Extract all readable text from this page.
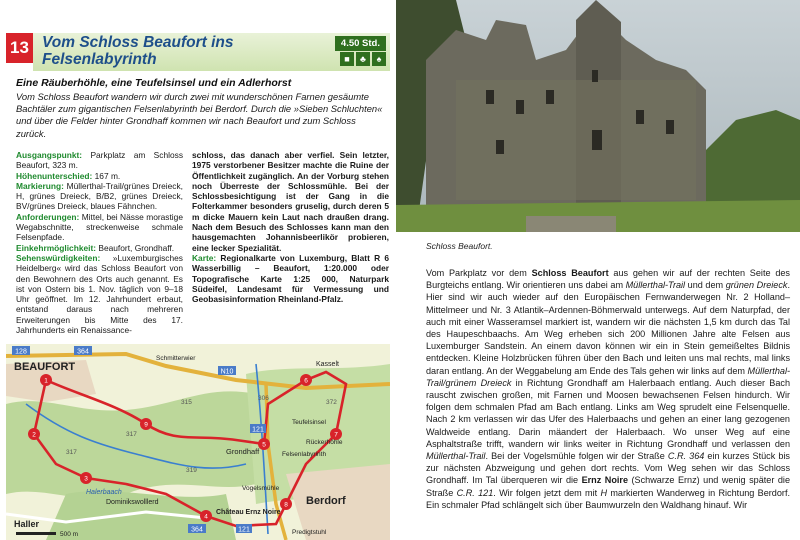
13 Vom Schloss Beaufort ins Felsenlabyrinth
4.50 Std.
■	♣	♠
Eine Räuberhöhle, eine Teufelsinsel und ein Adlerhorst
Vom Schloss Beaufort wandern wir durch zwei mit wunderschönen Farnen gesäumte Bachtäler zum gigantischen Felsenlabyrinth bei Berdorf. Durch die »Sieben Schluchten« und über die Felder hinter Grondhaff kommen wir nach Beaufort und zum Schloss zurück.
Ausgangspunkt: Parkplatz am Schloss Beaufort, 323 m.
Höhenunterschied: 167 m.
Markierung: Müllerthal-Trail/grünes Dreieck, H, grünes Dreieck, B/B2, grünes Dreieck, BV/grünes Dreieck, blaues Fähnchen.
Anforderungen: Mittel, bei Nässe morastige Wegabschnitte, streckenweise schmale Felsenpfade.
Einkehrmöglichkeit: Beaufort, Grondhaff.
Sehenswürdigkeiten: »Luxemburgisches Heidelberg« wird das Schloss Beaufort von den Bewohnern des Orts auch genannt. Es ist von Ostern bis 1. Nov. täglich von 9–18 Uhr geöffnet. Im 12. Jahrhundert erbaut, entstand daraus nach mehreren Erweiterungen bis Mitte des 17. Jahrhunderts ein Renaissance-
schloss, das danach aber verfiel. Sein letzter, 1975 verstorbener Besitzer machte die Ruine der Öffentlichkeit zugänglich. An der Vorburg stehen noch Überreste der Schlossmühle. Bei der Schlossbesichtigung ist der Gang in die Folterkammer besonders gruselig, durch deren 5 m dicke Mauern kein Laut nach draußen drang. Nach dem Besuch des Schlosses kann man den hausgemachten Johannisbeerlikör probieren, eine lecker Spezialität.
Karte: Regionalkarte von Luxemburg, Blatt R 6 Wasserbillig – Beaufort, 1:20.000 oder Topografische Karte 1:25 000, Naturpark Südeifel, Landesamt für Vermessung und Geobasisinformation Rheinland-Pfalz.
364
128
121
N10
364	121
1
2
3
4
5
6
7
8
9
BEAUFORT
Berdorf
Haller
Grondhaff
Château Ernz Noire
Dominikswolllerd
Halerbaach
Schmitterwier
Kasselt
Felsenlabyrinth
Vogelsmühle
Predigtstuhl
Teufelsinsel
Rückerhöhle
317
315
319
306
372
317
500 m
Schloss Beaufort.
Vom Parkplatz vor dem Schloss Beaufort aus gehen wir auf der rechten Seite des Burgteichs entlang. Wir orientieren uns dabei am Müllerthal-Trail und dem grünen Dreieck. Hier sind wir auch wieder auf den Europäischen Fernwanderwegen Nr. 2 Holland–Mittelmeer und Nr. 3 Atlantik–Ardennen-Böhmerwald unterwegs. Auf dem Naturpfad, der auch mit einer Wasseramsel markiert ist, wandern wir die nächsten 1,5 km durch das Tal des Haupeschbaachs. Am Weg erheben sich 200 Millionen Jahre alte Felsen aus Luxemburger Sandstein. An einem davon können wir ein in Stein gemeißeltes Bildnis entdecken. Kleine Holzbrücken führen über den Bach und leiten uns mal rechts, mal links daran entlang. An der Weggabelung am Ende des Tals gehen wir links auf dem Müllerthal-Trail/grünem Dreieck in Richtung Grondhaff am Halerbaach entlang. Auch dieser Bach rauscht zwischen großen, mit Farnen und Moosen bewachsenen Felsen hindurch. Wir folgen dem schmalen Pfad am Bach entlang. Links am Weg sprudelt eine Felsenquelle. Nach 2 km verlassen wir das Ufer des Halerbaachs und gehen an einer lang gezogenen Waldweide entlang. Darin mäandert der Halerbaach. Wo unser Weg auf eine Asphaltstraße trifft, wandern wir links weiter in Richtung Grondhaff und verlassen den Müllerthal-Trail. Bei der Vogelsmühle folgen wir der Straße C.R. 364 ein kurzes Stück bis zur nächsten Abzweigung und gehen dort rechts. Vom Weg sehen wir das Schloss Grondhaff. Im Tal überqueren wir die Ernz Noire (Schwarze Ernz) und wenig später die Straße C.R. 121. Wir folgen jetzt dem mit H markierten Wanderweg in Richtung Berdorf. Ein schmaler Pfad schlängelt sich über Baumwurzeln den Waldhang hinauf. Wir
